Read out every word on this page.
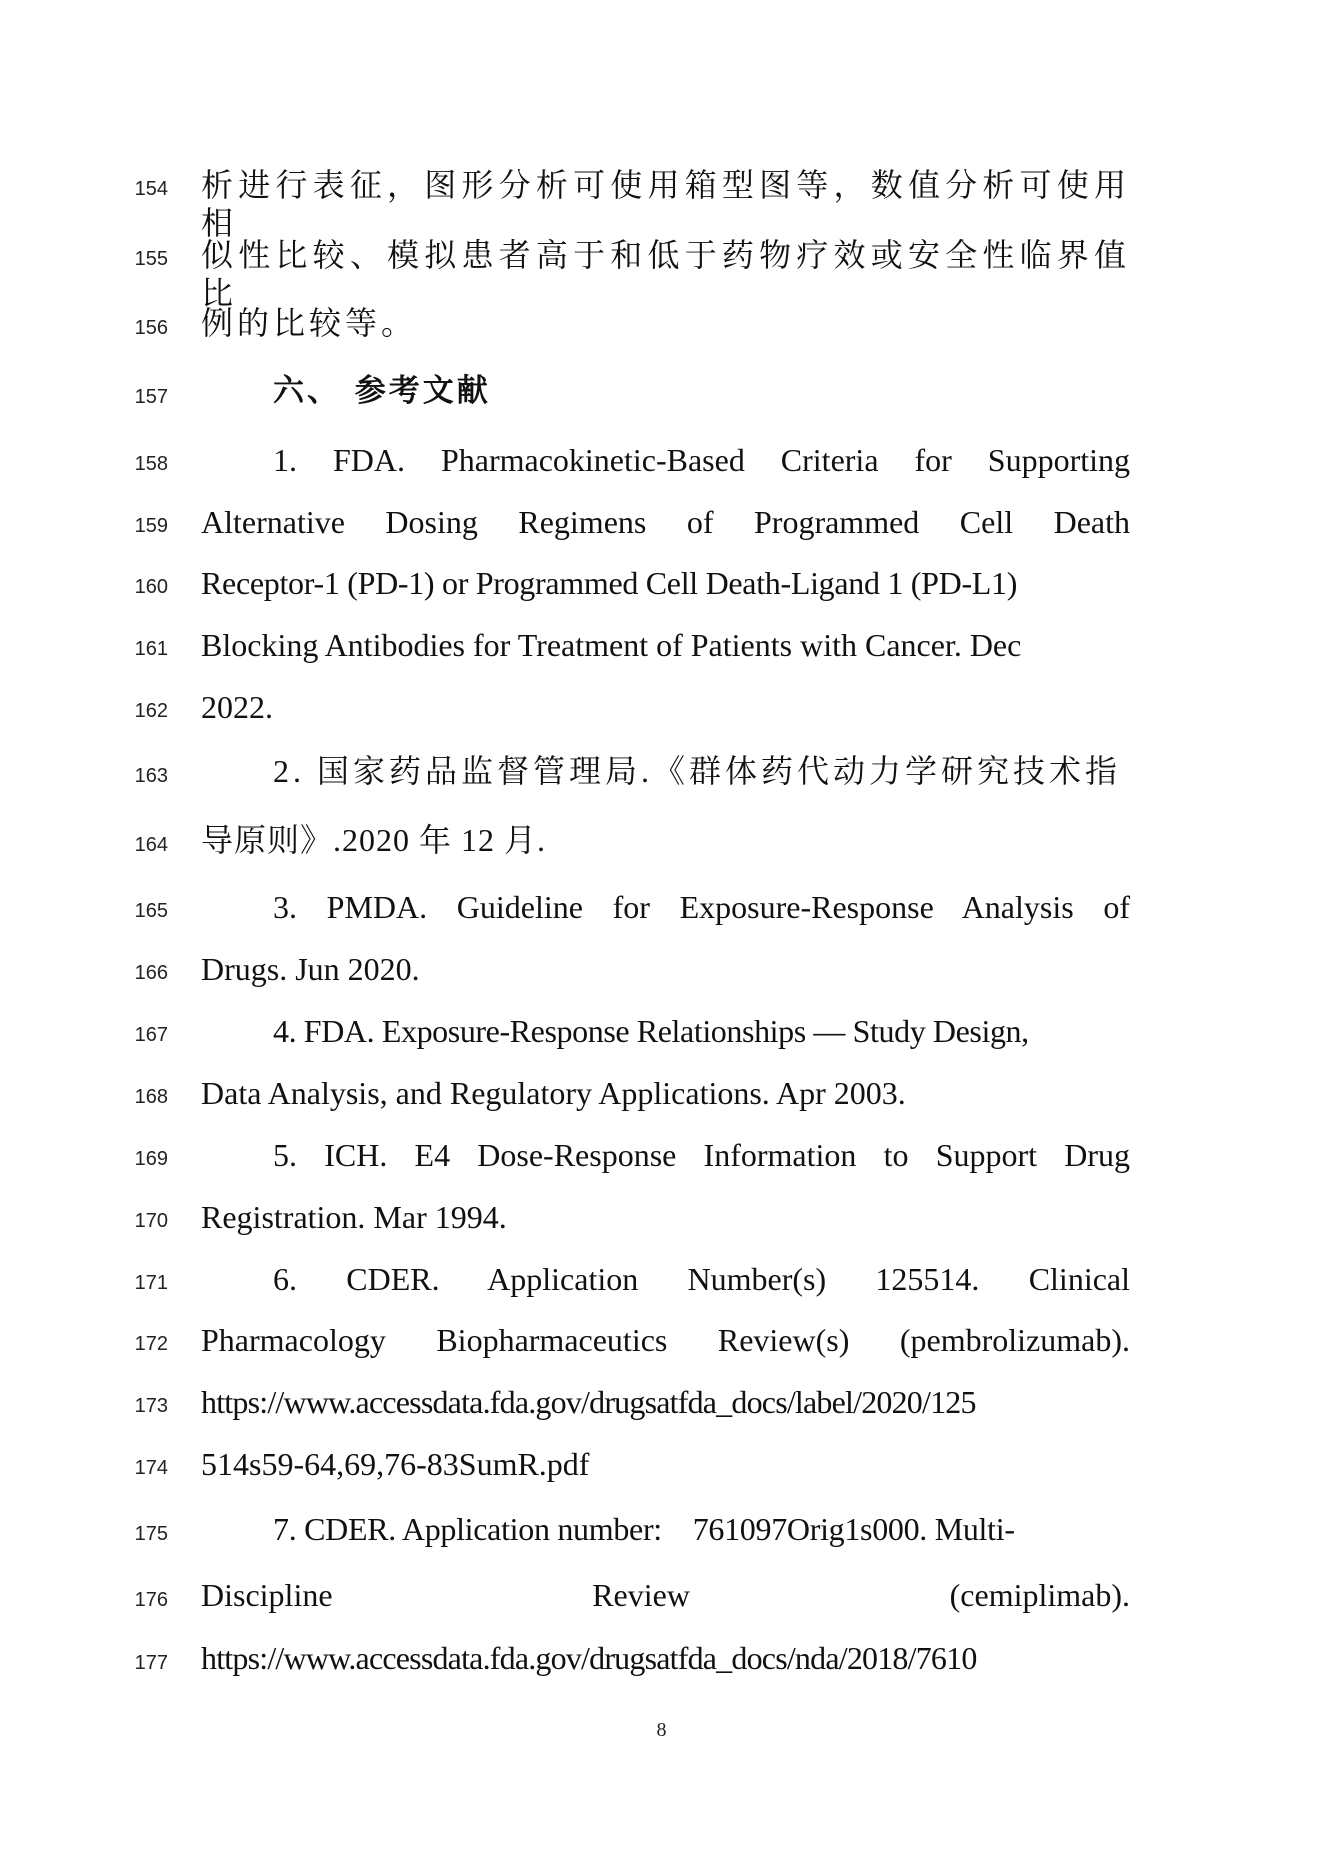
154 析进行表征，图形分析可使用箱型图等，数值分析可使用相
155 似性比较、模拟患者高于和低于药物疗效或安全性临界值比
156 例的比较等。
157	六、 参考文献
158	1. FDA. Pharmacokinetic-Based Criteria for Supporting
159 Alternative Dosing Regimens of Programmed Cell Death
160 Receptor-1 (PD-1) or Programmed Cell Death-Ligand 1 (PD-L1)
161 Blocking Antibodies for Treatment of Patients with Cancer. Dec
162 2022.
163	2. 国家药品监督管理局.《群体药代动力学研究技术指
164 导原则》.2020 年 12 月.
165	3. PMDA. Guideline for Exposure-Response Analysis of
166 Drugs. Jun 2020.
167	4. FDA. Exposure-Response Relationships — Study Design,
168 Data Analysis, and Regulatory Applications. Apr 2003.
169	5. ICH. E4 Dose-Response Information to Support Drug
170 Registration. Mar 1994.
171	6. CDER. Application Number(s) 125514. Clinical
172 Pharmacology Biopharmaceutics Review(s) (pembrolizumab).
173 https://www.accessdata.fda.gov/drugsatfda_docs/label/2020/125
174 514s59-64,69,76-83SumR.pdf
175	7. CDER. Application number:    761097Orig1s000. Multi-
176 Discipline Review (cemiplimab).
177 https://www.accessdata.fda.gov/drugsatfda_docs/nda/2018/7610
8
